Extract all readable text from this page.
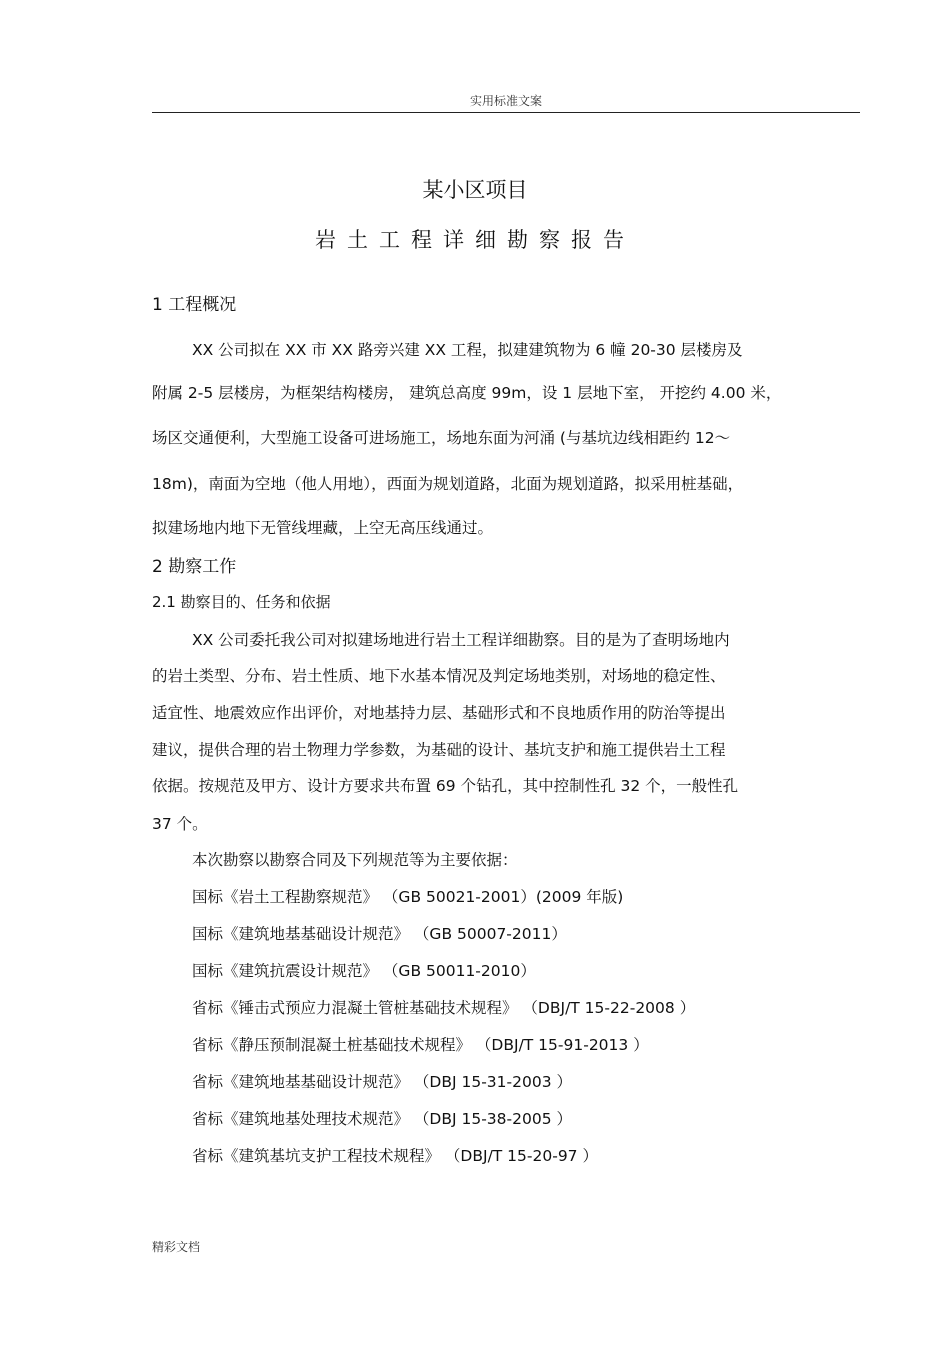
实用标准文案
某小区项目
岩土工程详细勘察报告
1 工程概况
XX 公司拟在 XX 市 XX 路旁兴建 XX 工程，拟建建筑物为 6 幢 20-30 层楼房及
附属 2-5 层楼房，为框架结构楼房， 建筑总高度 99m，设 1 层地下室， 开挖约 4.00 米，
场区交通便利，大型施工设备可进场施工，场地东面为河涌 (与基坑边线相距约 12～
18m)，南面为空地（他人用地），西面为规划道路，北面为规划道路，拟采用桩基础，
拟建场地内地下无管线埋藏，上空无高压线通过。
2 勘察工作
2.1 勘察目的、任务和依据
XX 公司委托我公司对拟建场地进行岩土工程详细勘察。目的是为了查明场地内
的岩土类型、分布、岩土性质、地下水基本情况及判定场地类别，对场地的稳定性、
适宜性、地震效应作出评价，对地基持力层、基础形式和不良地质作用的防治等提出
建议，提供合理的岩土物理力学参数，为基础的设计、基坑支护和施工提供岩土工程
依据。按规范及甲方、设计方要求共布置 69 个钻孔，其中控制性孔 32 个，一般性孔
37 个。
本次勘察以勘察合同及下列规范等为主要依据：
国标《岩土工程勘察规范》 （GB 50021-2001）(2009 年版)
国标《建筑地基基础设计规范》 （GB 50007-2011）
国标《建筑抗震设计规范》 （GB 50011-2010）
省标《锤击式预应力混凝土管桩基础技术规程》 （DBJ/T 15-22-2008 ）
省标《静压预制混凝土桩基础技术规程》 （DBJ/T 15-91-2013 ）
省标《建筑地基基础设计规范》 （DBJ 15-31-2003 ）
省标《建筑地基处理技术规范》 （DBJ 15-38-2005 ）
省标《建筑基坑支护工程技术规程》 （DBJ/T 15-20-97 ）
精彩文档
